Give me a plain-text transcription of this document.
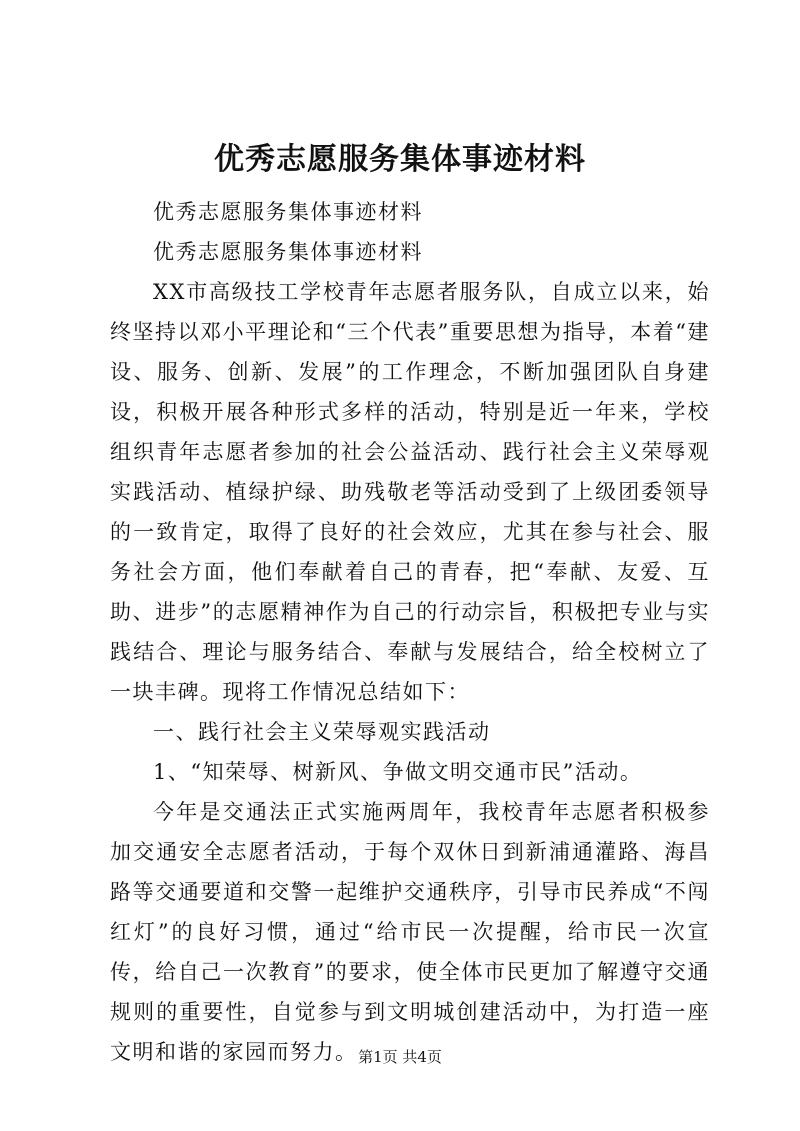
优秀志愿服务集体事迹材料

优秀志愿服务集体事迹材料

优秀志愿服务集体事迹材料

XX市高级技工学校青年志愿者服务队，自成立以来，始终坚持以邓小平理论和“三个代表”重要思想为指导，本着“建设、服务、创新、发展”的工作理念，不断加强团队自身建设，积极开展各种形式多样的活动，特别是近一年来，学校组织青年志愿者参加的社会公益活动、践行社会主义荣辱观实践活动、植绿护绿、助残敬老等活动受到了上级团委领导的一致肯定，取得了良好的社会效应，尤其在参与社会、服务社会方面，他们奉献着自己的青春，把“奉献、友爱、互助、进步”的志愿精神作为自己的行动宗旨，积极把专业与实践结合、理论与服务结合、奉献与发展结合，给全校树立了一块丰碑。现将工作情况总结如下：

一、践行社会主义荣辱观实践活动

1、“知荣辱、树新风、争做文明交通市民”活动。

今年是交通法正式实施两周年，我校青年志愿者积极参加交通安全志愿者活动，于每个双休日到新浦通灌路、海昌路等交通要道和交警一起维护交通秩序，引导市民养成“不闯红灯”的良好习惯，通过“给市民一次提醒，给市民一次宣传，给自己一次教育”的要求，使全体市民更加了解遵守交通规则的重要性，自觉参与到文明城创建活动中，为打造一座文明和谐的家园而努力。 第1页 共4页
